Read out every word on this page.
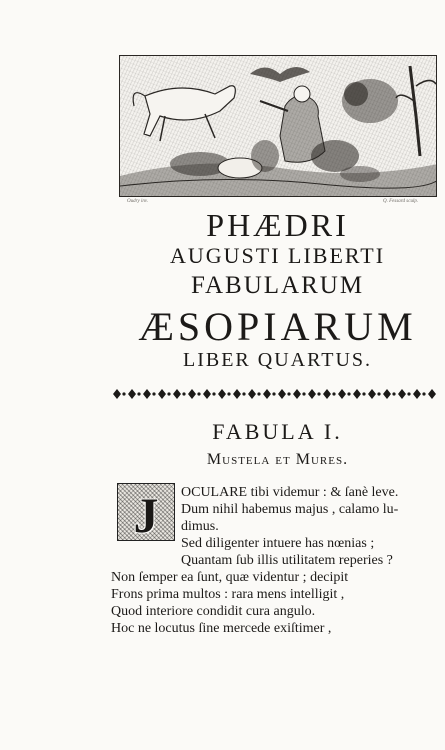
Oudry inv.	Q. Fessard sculp.
PHÆDRI
AUGUSTI LIBERTI
FABULARUM
ÆSOPIARUM
LIBER QUARTUS.
FABULA I.
Mustela et Mures.
J	OCULARE tibi videmur : & ſanè leve.
Dum nihil habemus majus , calamo lu-
dimus.
Sed diligenter intuere has nœnias ;
Quantam ſub illis utilitatem reperies ?
Non ſemper ea ſunt, quæ videntur ; decipit
Frons prima multos : rara mens intelligit ,
Quod interiore condidit cura angulo.
Hoc ne locutus ſine mercede exiſtimer ,
